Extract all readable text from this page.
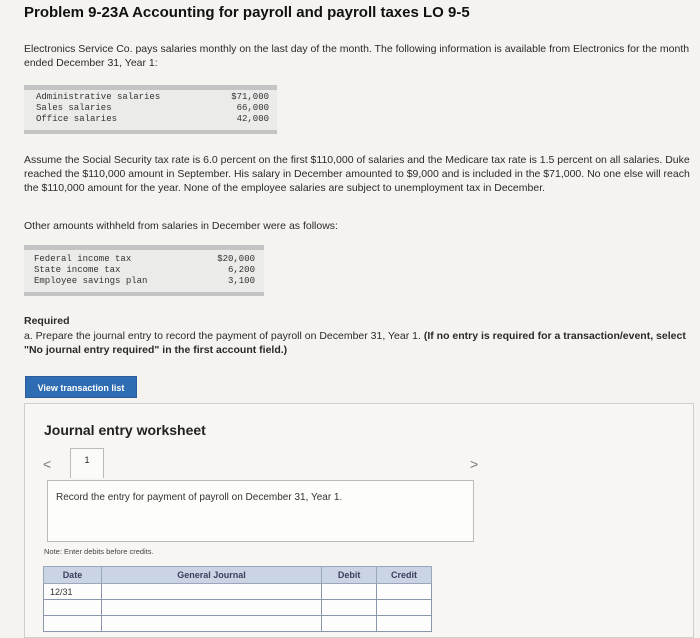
Problem 9-23A Accounting for payroll and payroll taxes LO 9-5
Electronics Service Co. pays salaries monthly on the last day of the month. The following information is available from Electronics for the month ended December 31, Year 1:
Administrative salaries	$71,000
Sales salaries	66,000
Office salaries	42,000
Assume the Social Security tax rate is 6.0 percent on the first $110,000 of salaries and the Medicare tax rate is 1.5 percent on all salaries. Duke reached the $110,000 amount in September. His salary in December amounted to $9,000 and is included in the $71,000. No one else will reach the $110,000 amount for the year. None of the employee salaries are subject to unemployment tax in December.
Other amounts withheld from salaries in December were as follows:
Federal income tax	$20,000
State income tax	6,200
Employee savings plan	3,100
Required
a. Prepare the journal entry to record the payment of payroll on December 31, Year 1. (If no entry is required for a transaction/event, select "No journal entry required" in the first account field.)
View transaction list
Journal entry worksheet
<	1	>
Record the entry for payment of payroll on December 31, Year 1.
Note: Enter debits before credits.
Date	General Journal	Debit	Credit
12/31			
